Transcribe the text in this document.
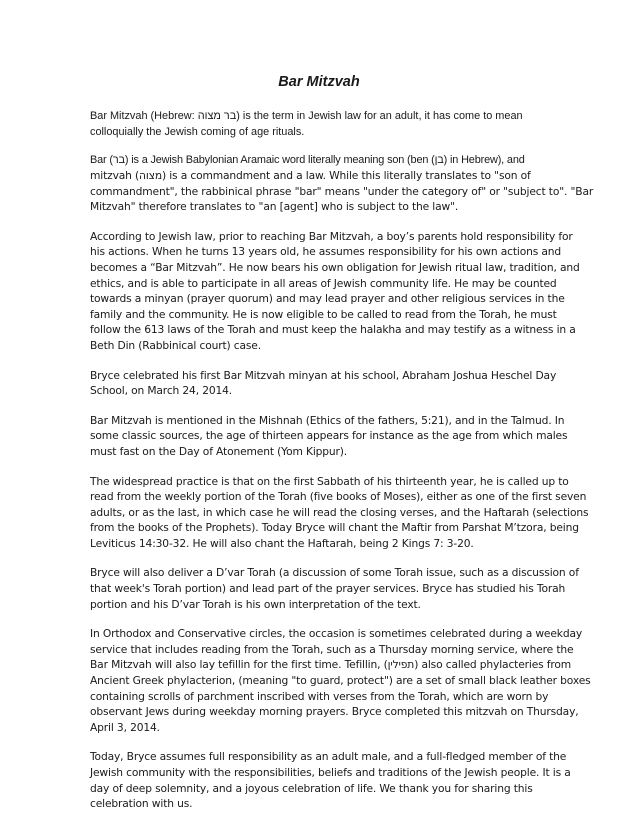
Bar Mitzvah

Bar Mitzvah (Hebrew: בר מצוה) is the term in Jewish law for an adult, it has come to mean
colloquially the Jewish coming of age rituals.

Bar (בר) is a Jewish Babylonian Aramaic word literally meaning son (ben (בן) in Hebrew), and
mitzvah (מצוה) is a commandment and a law. While this literally translates to "son of
commandment", the rabbinical phrase "bar" means "under the category of" or "subject to". "Bar
Mitzvah" therefore translates to "an [agent] who is subject to the law".

According to Jewish law, prior to reaching Bar Mitzvah, a boy’s parents hold responsibility for
his actions. When he turns 13 years old, he assumes responsibility for his own actions and
becomes a “Bar Mitzvah”. He now bears his own obligation for Jewish ritual law, tradition, and
ethics, and is able to participate in all areas of Jewish community life. He may be counted
towards a minyan (prayer quorum) and may lead prayer and other religious services in the
family and the community. He is now eligible to be called to read from the Torah, he must
follow the 613 laws of the Torah and must keep the halakha and may testify as a witness in a
Beth Din (Rabbinical court) case.

Bryce celebrated his first Bar Mitzvah minyan at his school, Abraham Joshua Heschel Day
School, on March 24, 2014.

Bar Mitzvah is mentioned in the Mishnah (Ethics of the fathers, 5:21), and in the Talmud. In
some classic sources, the age of thirteen appears for instance as the age from which males
must fast on the Day of Atonement (Yom Kippur).

The widespread practice is that on the first Sabbath of his thirteenth year, he is called up to
read from the weekly portion of the Torah (five books of Moses), either as one of the first seven
adults, or as the last, in which case he will read the closing verses, and the Haftarah (selections
from the books of the Prophets). Today Bryce will chant the Maftir from Parshat M’tzora, being
Leviticus 14:30-32. He will also chant the Haftarah, being 2 Kings 7: 3-20.

Bryce will also deliver a D’var Torah (a discussion of some Torah issue, such as a discussion of
that week's Torah portion) and lead part of the prayer services. Bryce has studied his Torah
portion and his D’var Torah is his own interpretation of the text.

In Orthodox and Conservative circles, the occasion is sometimes celebrated during a weekday
service that includes reading from the Torah, such as a Thursday morning service, where the
Bar Mitzvah will also lay tefillin for the first time. Tefillin, (תפילין) also called phylacteries from
Ancient Greek phylacterion, (meaning "to guard, protect") are a set of small black leather boxes
containing scrolls of parchment inscribed with verses from the Torah, which are worn by
observant Jews during weekday morning prayers. Bryce completed this mitzvah on Thursday,
April 3, 2014.

Today, Bryce assumes full responsibility as an adult male, and a full-fledged member of the
Jewish community with the responsibilities, beliefs and traditions of the Jewish people. It is a
day of deep solemnity, and a joyous celebration of life. We thank you for sharing this
celebration with us.
